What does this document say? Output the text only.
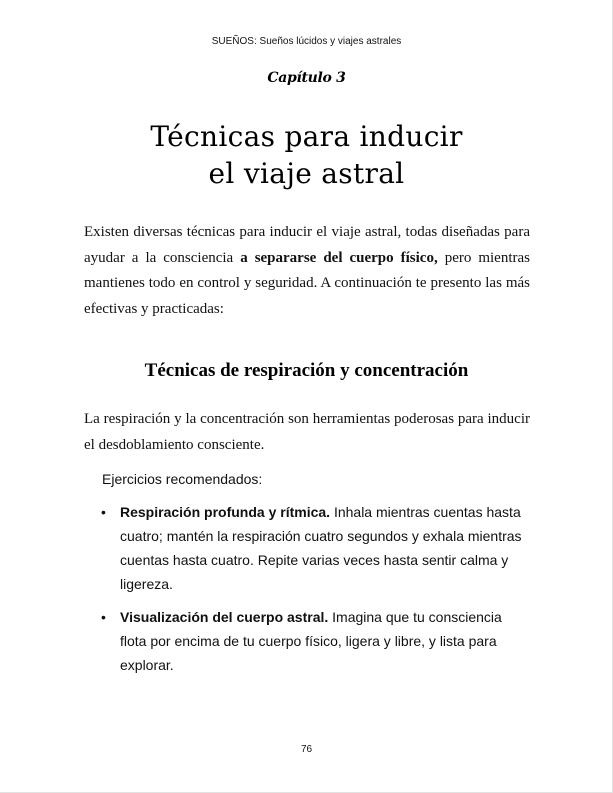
SUEÑOS: Sueños lúcidos y viajes astrales
Capítulo 3
Técnicas para inducir
el viaje astral

Existen diversas técnicas para inducir el viaje astral, todas diseñadas para ayudar a la consciencia a separarse del cuerpo físico, pero mientras mantienes todo en control y seguridad. A continuación te presento las más efectivas y practicadas:

Técnicas de respiración y concentración

La respiración y la concentración son herramientas poderosas para inducir el desdoblamiento consciente.

Ejercicios recomendados:
• Respiración profunda y rítmica. Inhala mientras cuentas hasta cuatro; mantén la respiración cuatro segundos y exhala mientras cuentas hasta cuatro. Repite varias veces hasta sentir calma y ligereza.
• Visualización del cuerpo astral. Imagina que tu consciencia flota por encima de tu cuerpo físico, ligera y libre, y lista para explorar.
76
